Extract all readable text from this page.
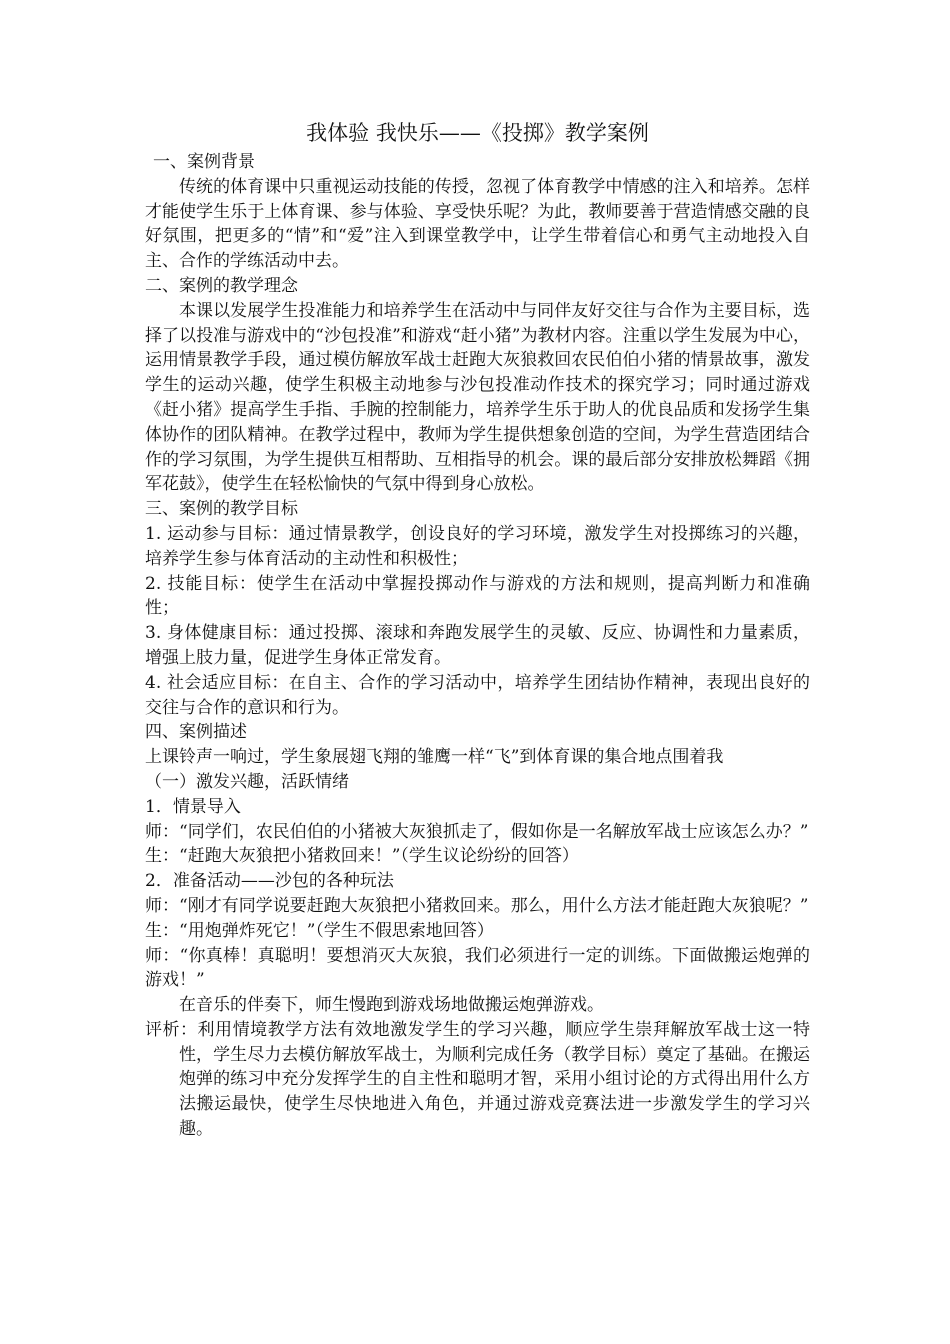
我体验 我快乐——《投掷》教学案例
一、案例背景

传统的体育课中只重视运动技能的传授，忽视了体育教学中情感的注入和培养。怎样才能使学生乐于上体育课、参与体验、享受快乐呢？为此，教师要善于营造情感交融的良好氛围，把更多的“情”和“爱”注入到课堂教学中，让学生带着信心和勇气主动地投入自主、合作的学练活动中去。

二、案例的教学理念

本课以发展学生投准能力和培养学生在活动中与同伴友好交往与合作为主要目标，选择了以投准与游戏中的“沙包投准”和游戏“赶小猪”为教材内容。注重以学生发展为中心，运用情景教学手段，通过模仿解放军战士赶跑大灰狼救回农民伯伯小猪的情景故事，激发学生的运动兴趣，使学生积极主动地参与沙包投准动作技术的探究学习；同时通过游戏《赶小猪》提高学生手指、手腕的控制能力，培养学生乐于助人的优良品质和发扬学生集体协作的团队精神。在教学过程中，教师为学生提供想象创造的空间，为学生营造团结合作的学习氛围，为学生提供互相帮助、互相指导的机会。课的最后部分安排放松舞蹈《拥军花鼓》，使学生在轻松愉快的气氛中得到身心放松。

三、案例的教学目标

1. 运动参与目标：通过情景教学，创设良好的学习环境，激发学生对投掷练习的兴趣，培养学生参与体育活动的主动性和积极性；

2. 技能目标：使学生在活动中掌握投掷动作与游戏的方法和规则，提高判断力和准确性；

3. 身体健康目标：通过投掷、滚球和奔跑发展学生的灵敏、反应、协调性和力量素质，增强上肢力量，促进学生身体正常发育。

4. 社会适应目标：在自主、合作的学习活动中，培养学生团结协作精神，表现出良好的交往与合作的意识和行为。

四、案例描述

上课铃声一响过，学生象展翅飞翔的雏鹰一样“飞”到体育课的集合地点围着我

（一）激发兴趣，活跃情绪

1．情景导入

师：“同学们，农民伯伯的小猪被大灰狼抓走了，假如你是一名解放军战士应该怎么办？”

生：“赶跑大灰狼把小猪救回来！”（学生议论纷纷的回答）

2．准备活动——沙包的各种玩法

师：“刚才有同学说要赶跑大灰狼把小猪救回来。那么，用什么方法才能赶跑大灰狼呢？”

生：“用炮弹炸死它！”（学生不假思索地回答）

师：“你真棒！真聪明！要想消灭大灰狼，我们必须进行一定的训练。下面做搬运炮弹的游戏！”

在音乐的伴奏下，师生慢跑到游戏场地做搬运炮弹游戏。

评析：利用情境教学方法有效地激发学生的学习兴趣，顺应学生崇拜解放军战士这一特性，学生尽力去模仿解放军战士，为顺利完成任务（教学目标）奠定了基础。在搬运炮弹的练习中充分发挥学生的自主性和聪明才智，采用小组讨论的方式得出用什么方法搬运最快，使学生尽快地进入角色，并通过游戏竞赛法进一步激发学生的学习兴趣。
